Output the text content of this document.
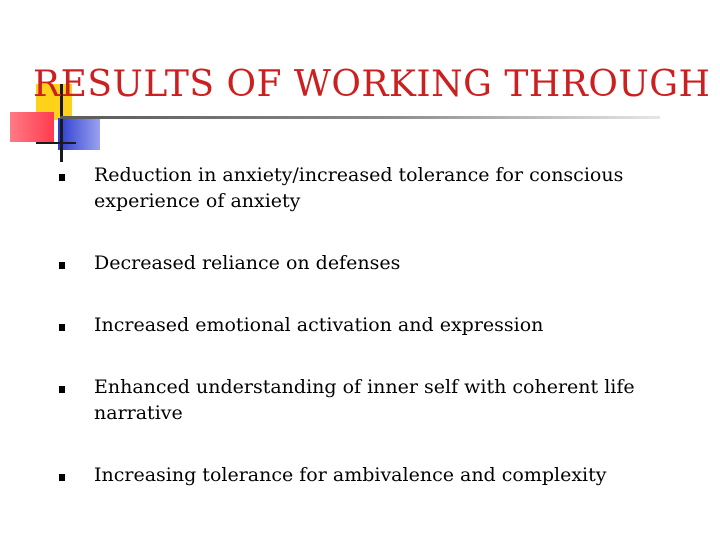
RESULTS OF WORKING THROUGH
Reduction in anxiety/increased tolerance for conscious experience of anxiety
Decreased reliance on defenses
Increased emotional activation and expression
Enhanced understanding of inner self with coherent life narrative
Increasing tolerance for ambivalence and complexity
